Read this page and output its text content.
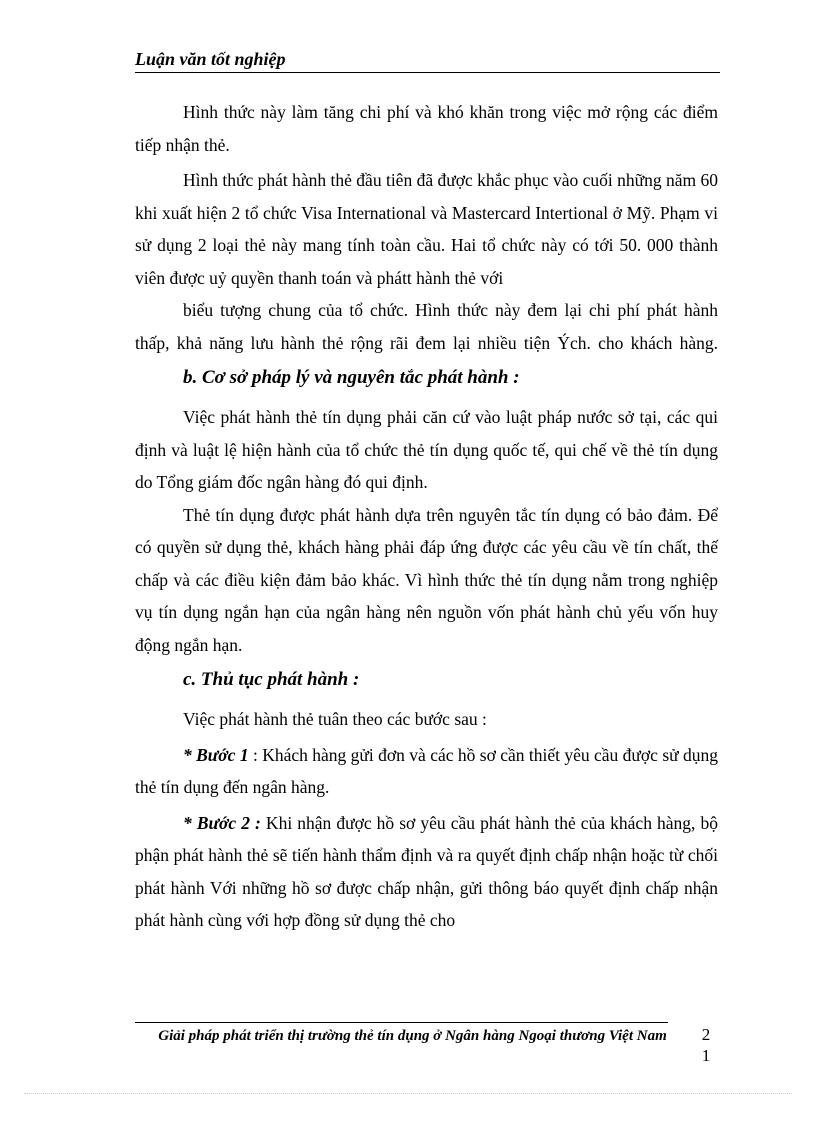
Luận văn tốt nghiệp

Hình thức này làm tăng chi phí và khó khăn trong việc mở rộng các điểm tiếp nhận thẻ.

Hình thức phát hành thẻ đầu tiên đã được khắc phục vào cuối những năm 60 khi xuất hiện 2 tổ chức Visa International và Mastercard Intertional ở Mỹ. Phạm vi sử dụng 2 loại thẻ này mang tính toàn cầu. Hai tổ chức này có tới 50. 000 thành viên được uỷ quyền thanh toán và phátt hành thẻ với

biểu tượng chung của tổ chức. Hình thức này đem lại chi phí phát hành thấp, khả năng lưu hành thẻ rộng rãi đem lại nhiều tiện Ých. cho khách hàng.

b. Cơ sở pháp lý và nguyên tắc phát hành :

Việc phát hành thẻ tín dụng phải căn cứ vào luật pháp nước sở tại, các qui định và luật lệ hiện hành của tổ chức thẻ tín dụng quốc tế, qui chế về thẻ tín dụng do Tổng giám đốc ngân hàng đó qui định.

Thẻ tín dụng được phát hành dựa trên nguyên tắc tín dụng có bảo đảm. Để có quyền sử dụng thẻ, khách hàng phải đáp ứng được các yêu cầu về tín chất, thế chấp và các điều kiện đảm bảo khác. Vì hình thức thẻ tín dụng nằm trong nghiệp vụ tín dụng ngắn hạn của ngân hàng nên nguồn vốn phát hành chủ yếu vốn huy động ngắn hạn.

c. Thủ tục phát hành :

Việc phát hành thẻ tuân theo các bước sau :

* Bước 1 : Khách hàng gửi đơn và các hồ sơ cần thiết yêu cầu được sử dụng thẻ tín dụng đến ngân hàng.

* Bước 2 : Khi nhận được hồ sơ yêu cầu phát hành thẻ của khách hàng, bộ phận phát hành thẻ sẽ tiến hành thẩm định và ra quyết định chấp nhận hoặc từ chối phát hành Với những hồ sơ được chấp nhận, gửi thông báo quyết định chấp nhận phát hành cùng với hợp đồng sử dụng thẻ cho

Giải pháp phát triển thị trường thẻ tín dụng ở Ngân hàng Ngoại thương Việt Nam	2
1
